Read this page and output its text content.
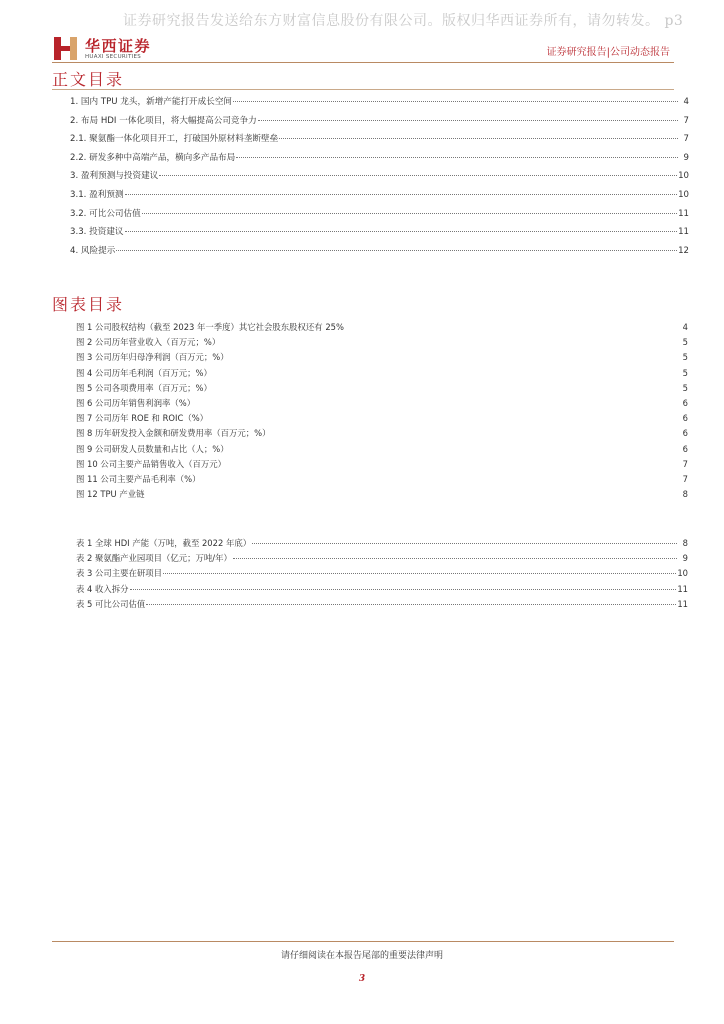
证券研究报告发送给东方财富信息股份有限公司。版权归华西证券所有，请勿转发。 p3
华西证券
HUAXI SECURITIES	证券研究报告|公司动态报告
正文目录
1. 国内 TPU 龙头，新增产能打开成长空间	4
2. 布局 HDI 一体化项目，将大幅提高公司竞争力	7
2.1. 聚氨酯一体化项目开工，打破国外原材料垄断壁垒	7
2.2. 研发多种中高端产品，横向多产品布局	9
3. 盈利预测与投资建议	10
3.1. 盈利预测	10
3.2. 可比公司估值	11
3.3. 投资建议	11
4. 风险提示	12
图表目录
图 1 公司股权结构（截至 2023 年一季度）其它社会股东股权还有 25%	4
图 2 公司历年营业收入（百万元；%）	5
图 3 公司历年归母净利润（百万元；%）	5
图 4 公司历年毛利润（百万元；%）	5
图 5 公司各项费用率（百万元；%）	5
图 6 公司历年销售利润率（%）	6
图 7 公司历年 ROE 和 ROIC（%）	6
图 8 历年研发投入金额和研发费用率（百万元；%）	6
图 9 公司研发人员数量和占比（人；%）	6
图 10 公司主要产品销售收入（百万元）	7
图 11 公司主要产品毛利率（%）	7
图 12 TPU 产业链	8
表 1 全球 HDI 产能（万吨，截至 2022 年底）	8
表 2 聚氨酯产业园项目（亿元；万吨/年）	9
表 3 公司主要在研项目	10
表 4 收入拆分	11
表 5 可比公司估值	11
请仔细阅读在本报告尾部的重要法律声明
3
